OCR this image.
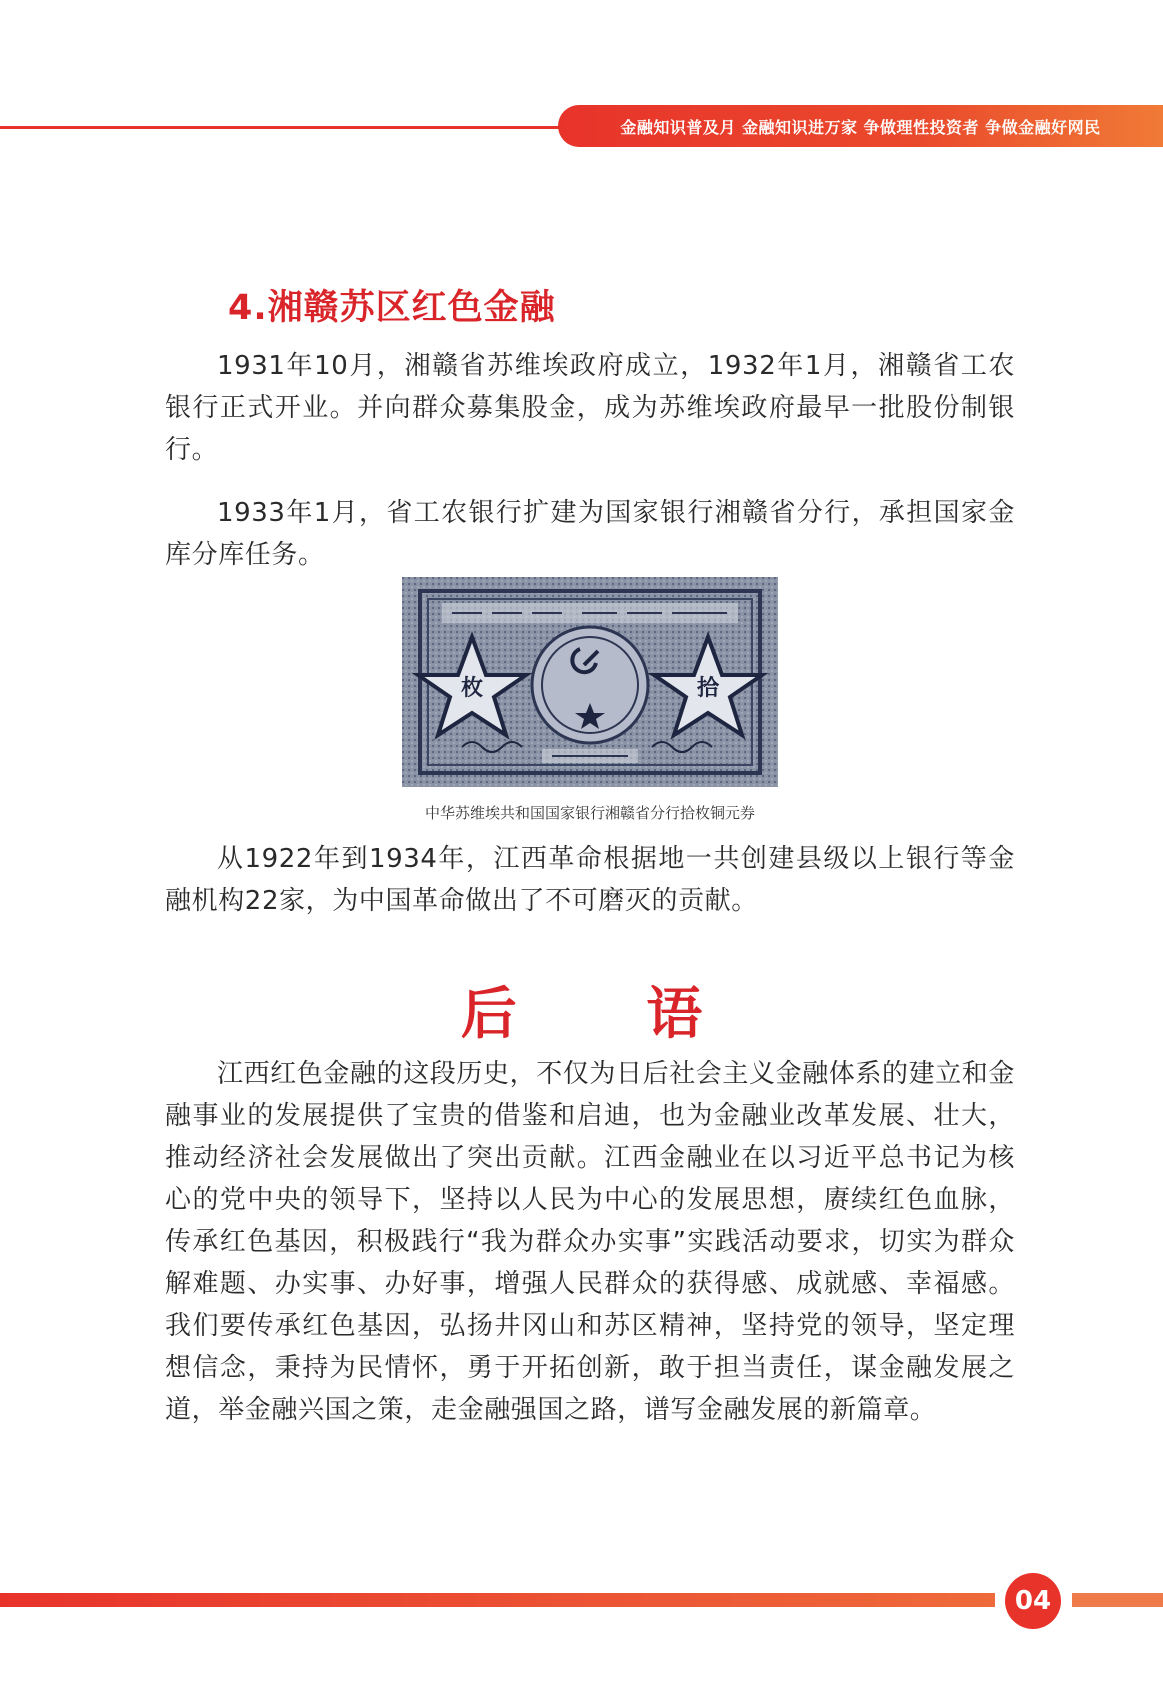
金融知识普及月 金融知识进万家 争做理性投资者 争做金融好网民
4.湘赣苏区红色金融

1931年10月，湘赣省苏维埃政府成立，1932年1月，湘赣省工农银行正式开业。并向群众募集股金，成为苏维埃政府最早一批股份制银行。

1933年1月，省工农银行扩建为国家银行湘赣省分行，承担国家金库分库任务。

枚	拾
中华苏维埃共和国国家银行湘赣省分行拾枚铜元券

从1922年到1934年，江西革命根据地一共创建县级以上银行等金融机构22家，为中国革命做出了不可磨灭的贡献。

后 语

江西红色金融的这段历史，不仅为日后社会主义金融体系的建立和金融事业的发展提供了宝贵的借鉴和启迪，也为金融业改革发展、壮大，推动经济社会发展做出了突出贡献。江西金融业在以习近平总书记为核心的党中央的领导下，坚持以人民为中心的发展思想，赓续红色血脉，传承红色基因，积极践行“我为群众办实事”实践活动要求，切实为群众解难题、办实事、办好事，增强人民群众的获得感、成就感、幸福感。我们要传承红色基因，弘扬井冈山和苏区精神，坚持党的领导，坚定理想信念，秉持为民情怀，勇于开拓创新，敢于担当责任，谋金融发展之道，举金融兴国之策，走金融强国之路，谱写金融发展的新篇章。

04
